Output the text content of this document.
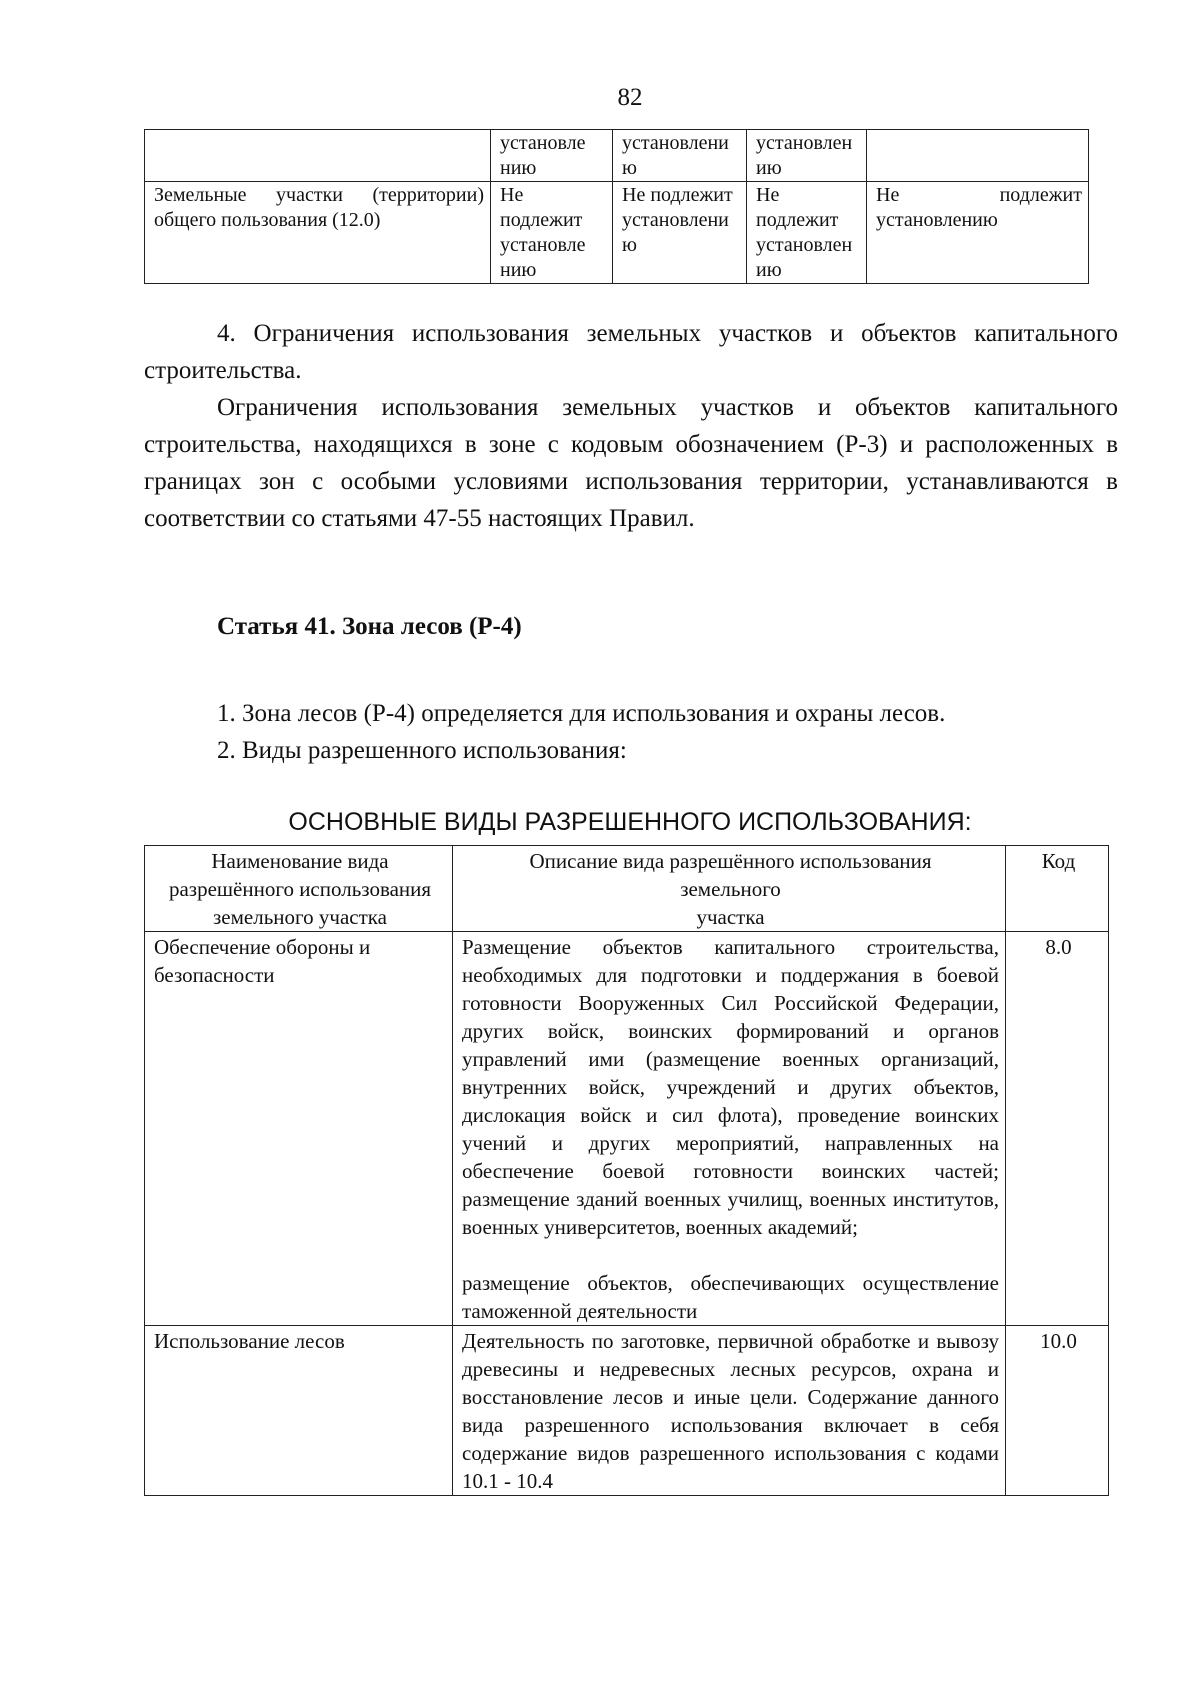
82
	установле нию	установлени ю	установлен ию	
Земельные участки (территории) общего пользования (12.0)	Не подлежит установле нию	Не подлежит установлени ю	Не подлежит установлен ию	Не подлежит установлению

4. Ограничения использования земельных участков и объектов капитального строительства.

Ограничения использования земельных участков и объектов капитального строительства, находящихся в зоне с кодовым обозначением (Р-3) и расположенных в границах зон с особыми условиями использования территории, устанавливаются в соответствии со статьями 47-55 настоящих Правил.

Статья 41. Зона лесов (Р-4)

1. Зона лесов (Р-4) определяется для использования и охраны лесов.

2. Виды разрешенного использования:

ОСНОВНЫЕ ВИДЫ РАЗРЕШЕННОГО ИСПОЛЬЗОВАНИЯ:
Наименование вида разрешённого использования земельного участка	Описание вида разрешённого использования
земельного
участка	Код
Обеспечение обороны и безопасности	Размещение объектов капитального строительства, необходимых для подготовки и поддержания в боевой готовности Вооруженных Сил Российской Федерации, других войск, воинских формирований и органов управлений ими (размещение военных организаций, внутренних войск, учреждений и других объектов, дислокация войск и сил флота), проведение воинских учений и других мероприятий, направленных на обеспечение боевой готовности воинских частей; размещение зданий военных училищ, военных институтов, военных университетов, военных академий;
размещение объектов, обеспечивающих осуществление таможенной деятельности	8.0
Использование лесов	Деятельность по заготовке, первичной обработке и вывозу древесины и недревесных лесных ресурсов, охрана и восстановление лесов и иные цели. Содержание данного вида разрешенного использования включает в себя содержание видов разрешенного использования с кодами 10.1 - 10.4	10.0
